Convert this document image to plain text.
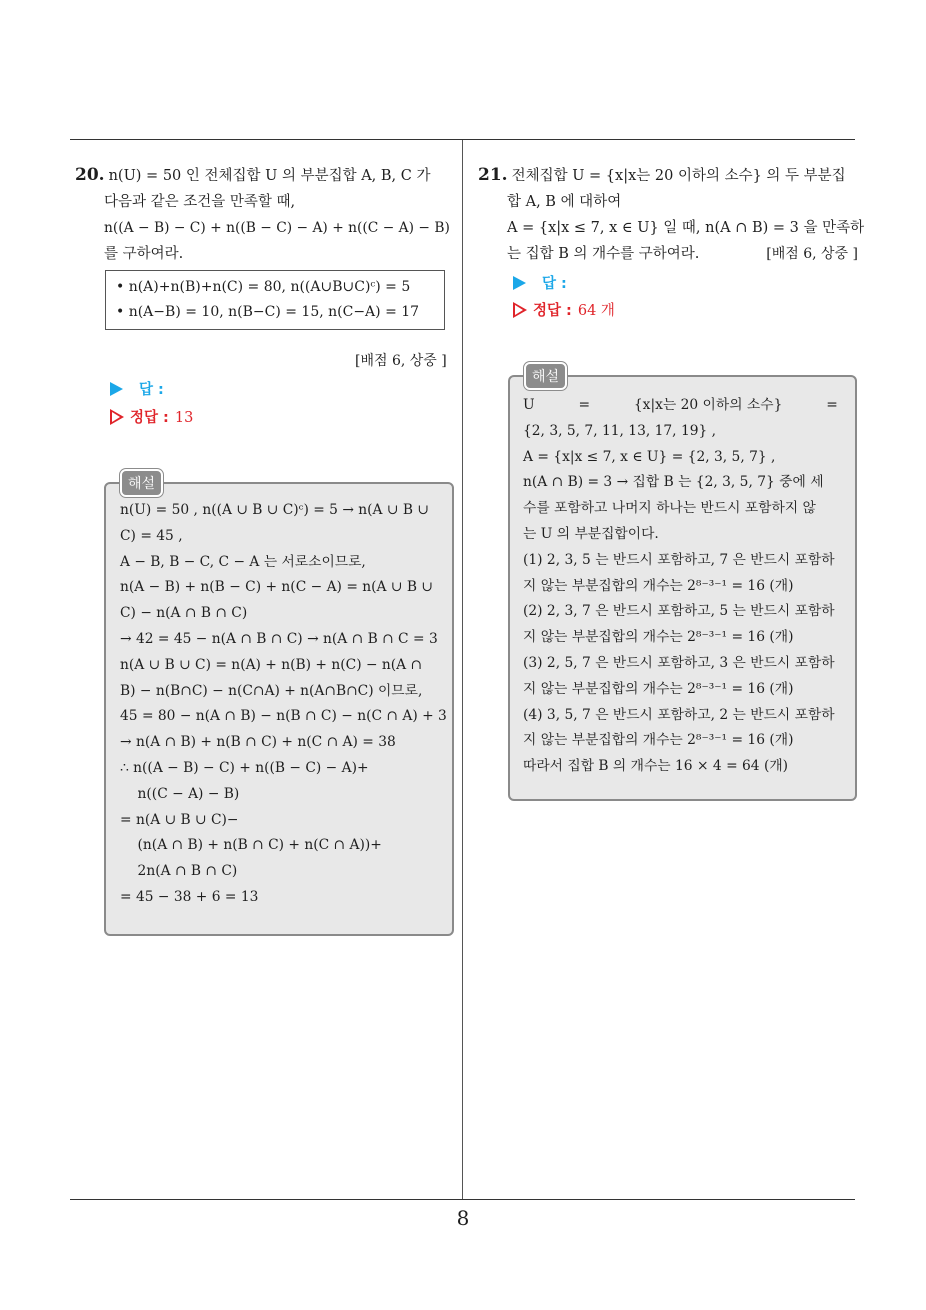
20. n(U) = 50 인 전체집합 U 의 부분집합 A, B, C 가

다음과 같은 조건을 만족할 때,

n((A − B) − C) + n((B − C) − A) + n((C − A) − B)

를 구하여라.

• n(A)+n(B)+n(C) = 80, n((A∪B∪C)ᶜ) = 5

• n(A−B) = 10, n(B−C) = 15, n(C−A) = 17

[배점 6, 상중 ]
답 :
정답 : 13

n(U) = 50 , n((A ∪ B ∪ C)ᶜ) = 5 → n(A ∪ B ∪

C) = 45 ,

A − B, B − C, C − A 는 서로소이므로,

n(A − B) + n(B − C) + n(C − A) = n(A ∪ B ∪

C) − n(A ∩ B ∩ C)

→ 42 = 45 − n(A ∩ B ∩ C) → n(A ∩ B ∩ C = 3

n(A ∪ B ∪ C) = n(A) + n(B) + n(C) − n(A ∩

B) − n(B∩C) − n(C∩A) + n(A∩B∩C) 이므로,

45 = 80 − n(A ∩ B) − n(B ∩ C) − n(C ∩ A) + 3

→ n(A ∩ B) + n(B ∩ C) + n(C ∩ A) = 38

∴ n((A − B) − C) + n((B − C) − A)+

n((C − A) − B)

= n(A ∪ B ∪ C)−

(n(A ∩ B) + n(B ∩ C) + n(C ∩ A))+

2n(A ∩ B ∩ C)

= 45 − 38 + 6 = 13

해설

21. 전체집합 U = {x|x는 20 이하의 소수} 의 두 부분집

합 A, B 에 대하여

A = {x|x ≤ 7, x ∈ U} 일 때, n(A ∩ B) = 3 을 만족하

는 집합 B 의 개수를 구하여라.	[배점 6, 상중 ]

답 :
정답 : 64 개

U          =          {x|x는 20 이하의 소수}          =

{2, 3, 5, 7, 11, 13, 17, 19} ,

A = {x|x ≤ 7, x ∈ U} = {2, 3, 5, 7} ,

n(A ∩ B) = 3 → 집합 B 는 {2, 3, 5, 7} 중에 세

수를 포함하고 나머지 하나는 반드시 포함하지 않

는 U 의 부분집합이다.

(1) 2, 3, 5 는 반드시 포함하고, 7 은 반드시 포함하

지 않는 부분집합의 개수는 2⁸⁻³⁻¹ = 16 (개)

(2) 2, 3, 7 은 반드시 포함하고, 5 는 반드시 포함하

지 않는 부분집합의 개수는 2⁸⁻³⁻¹ = 16 (개)

(3) 2, 5, 7 은 반드시 포함하고, 3 은 반드시 포함하

지 않는 부분집합의 개수는 2⁸⁻³⁻¹ = 16 (개)

(4) 3, 5, 7 은 반드시 포함하고, 2 는 반드시 포함하

지 않는 부분집합의 개수는 2⁸⁻³⁻¹ = 16 (개)

따라서 집합 B 의 개수는 16 × 4 = 64 (개)

해설
8
